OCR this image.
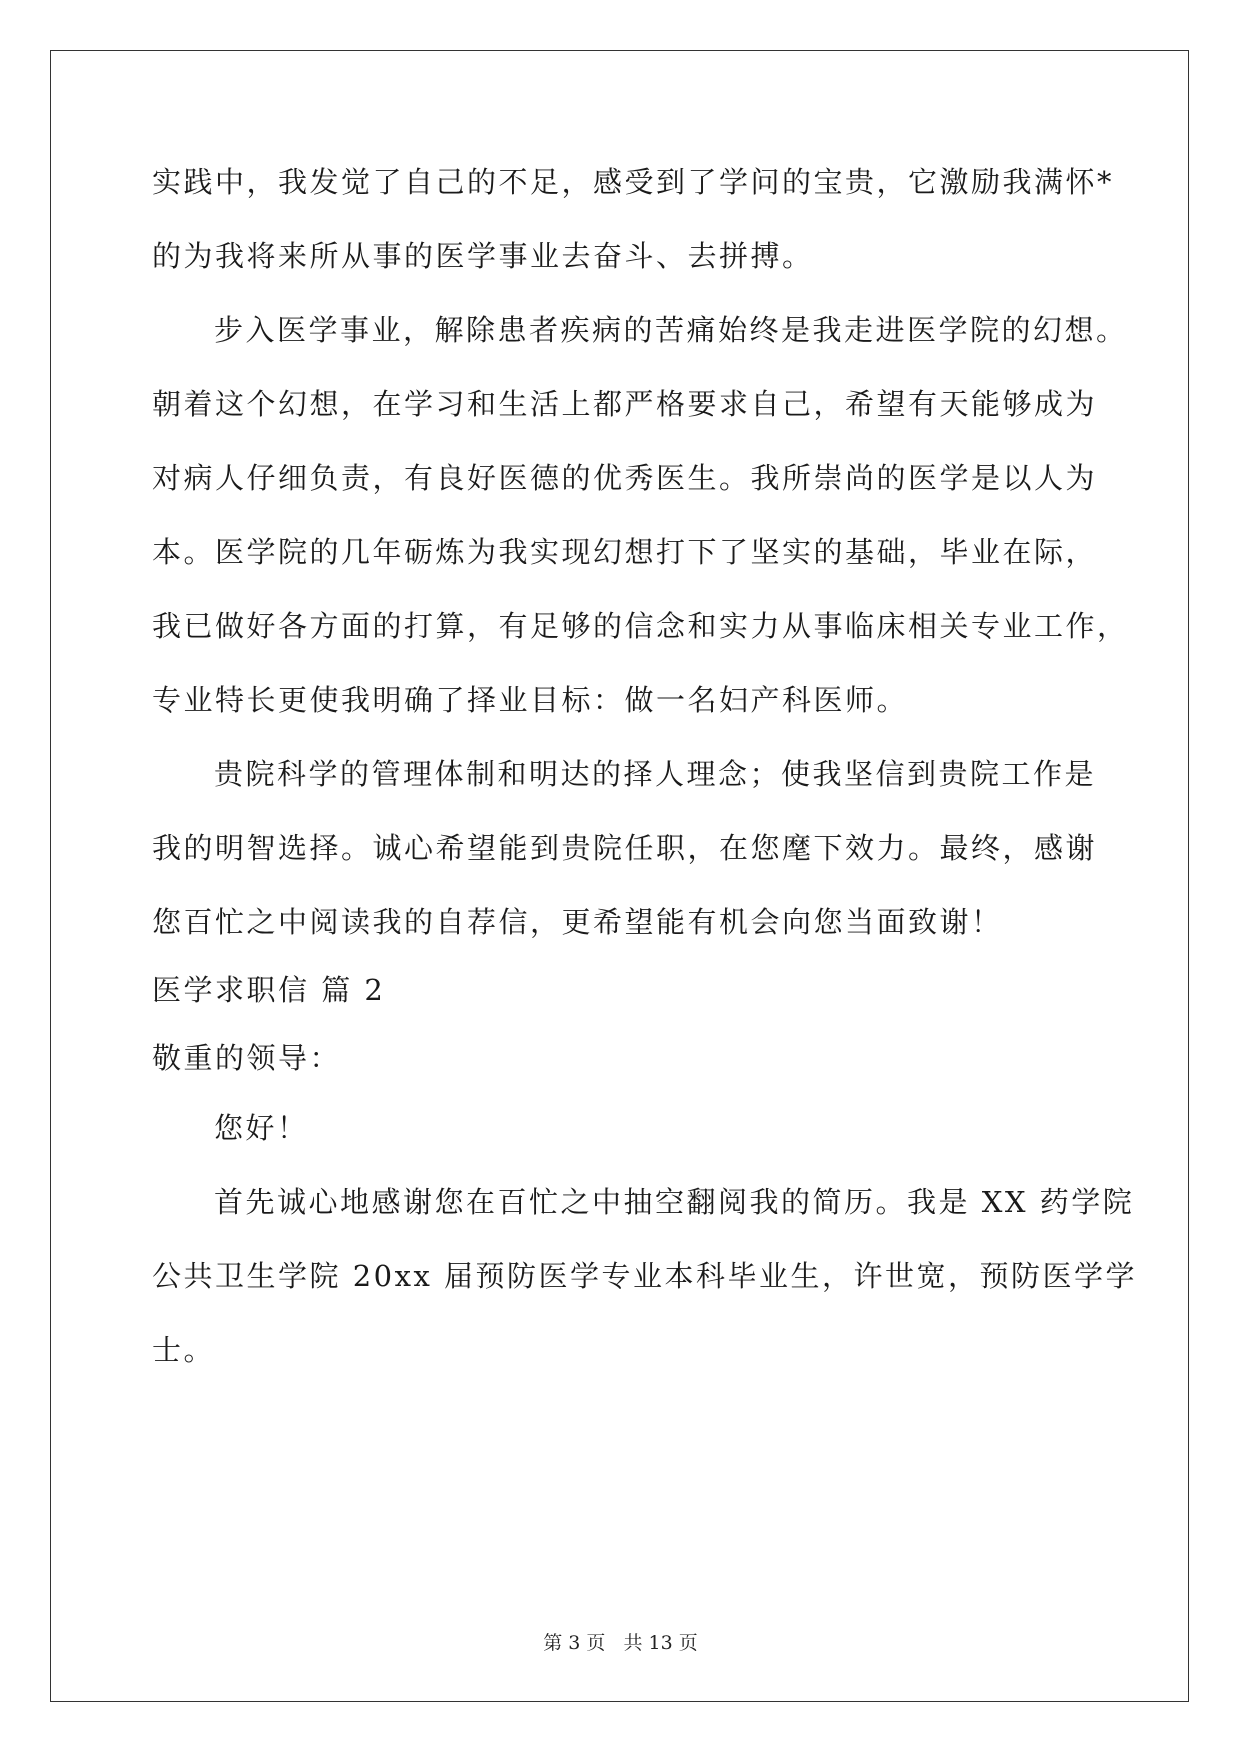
实践中，我发觉了自己的不足，感受到了学问的宝贵，它激励我满怀*
的为我将来所从事的医学事业去奋斗、去拼搏。
步入医学事业，解除患者疾病的苦痛始终是我走进医学院的幻想。
朝着这个幻想，在学习和生活上都严格要求自己，希望有天能够成为
对病人仔细负责，有良好医德的优秀医生。我所崇尚的医学是以人为
本。医学院的几年砺炼为我实现幻想打下了坚实的基础，毕业在际，
我已做好各方面的打算，有足够的信念和实力从事临床相关专业工作，
专业特长更使我明确了择业目标：做一名妇产科医师。
贵院科学的管理体制和明达的择人理念；使我坚信到贵院工作是
我的明智选择。诚心希望能到贵院任职，在您麾下效力。最终，感谢
您百忙之中阅读我的自荐信，更希望能有机会向您当面致谢！
医学求职信 篇 2
敬重的领导：
您好！
首先诚心地感谢您在百忙之中抽空翻阅我的简历。我是 XX 药学院
公共卫生学院 20xx 届预防医学专业本科毕业生，许世宽，预防医学学
士。
第 3 页 共 13 页
